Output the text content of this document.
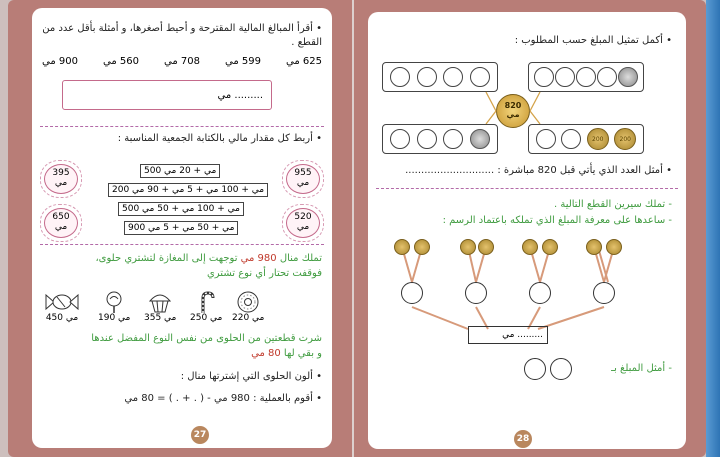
• أقرأ المبالغ المالية المقترحة و أحيط أصغرها، و أمثلة بأقل عدد من القطع .
625 مي
599 مي
708 مي
560 مي
900 مي
......... مي
• أربط كل مقدار مالي بالكتابة الجمعية المناسبة :
955 مي
520 مي
395 مي
650 مي
500 مي + 20 مي
200 مي + 100 مي + 5 مي + 90 مي
500 مي + 100 مي + 50 مي
900 مي + 50 مي + 5 مي
تملك منال 980 مي توجهت إلى المغازة لتشتري حلوى،
فوقفت تحتار أي نوع تشتري
450 مي 190 مي 355 مي 250 مي 220 مي
شرت قطعتين من الحلوى من نفس النوع المفضل عندها
و بقي لها 80 مي
• ألون الحلوى التي إشترتها منال :
• أقوم بالعملية : 980 مي - ( . + . ) = 80 مي
27
• أكمل تمثيل المبلغ حسب المطلوب :
820
مي
200	200
• أمثل العدد الذي يأتي قبل 820 مباشرة : ............................
- تملك سيرين القطع التالية .
- ساعدها على معرفة المبلغ الذي تملكه باعتماد الرسم :
......... مي
- أمثل المبلغ بـ
28
